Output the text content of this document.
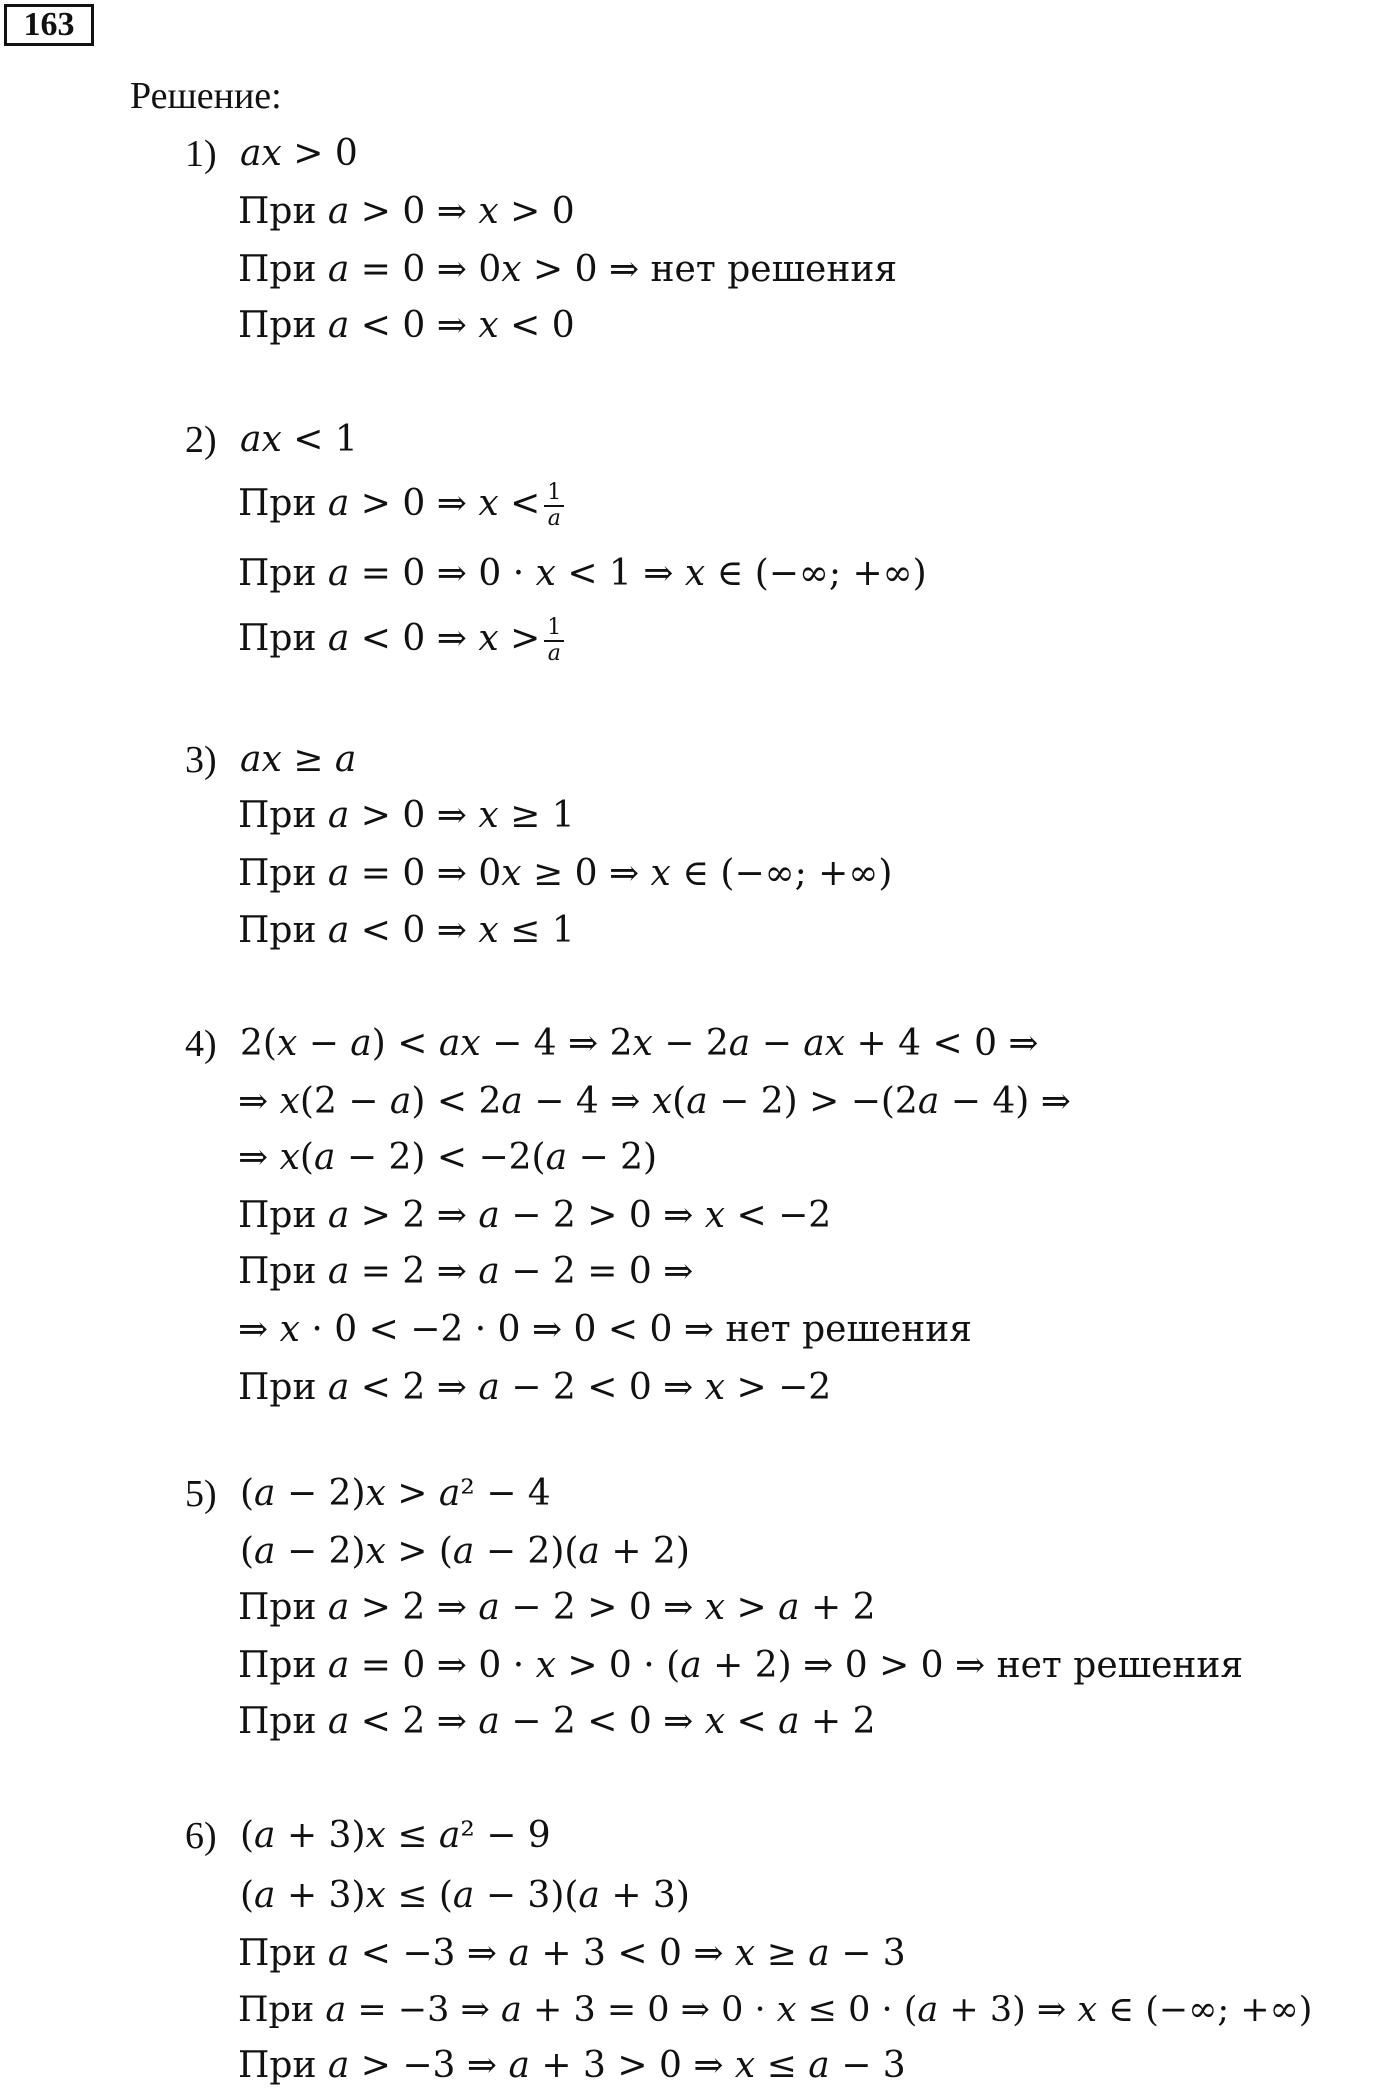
163
Решение:
1) 𝑎𝑥 > 0
При 𝑎 > 0 ⇒ 𝑥 > 0
При 𝑎 = 0 ⇒ 0𝑥 > 0 ⇒ нет решения
При 𝑎 < 0 ⇒ 𝑥 < 0
2) 𝑎𝑥 < 1
При 𝑎 > 0 ⇒ 𝑥 < $\frac{1}{\text{𝑎}}$
При 𝑎 = 0 ⇒ 0 · 𝑥 < 1 ⇒ 𝑥 ∈ (−∞; +∞)
При 𝑎 < 0 ⇒ 𝑥 > $\frac{1}{\text{𝑎}}$
3) 𝑎𝑥 ≥ 𝑎
При 𝑎 > 0 ⇒ 𝑥 ≥ 1
При 𝑎 = 0 ⇒ 0𝑥 ≥ 0 ⇒ 𝑥 ∈ (−∞; +∞)
При 𝑎 < 0 ⇒ 𝑥 ≤ 1
4) 2(𝑥 − 𝑎) < 𝑎𝑥 − 4 ⇒ 2𝑥 − 2𝑎 − 𝑎𝑥 + 4 < 0 ⇒
⇒ 𝑥(2 − 𝑎) < 2𝑎 − 4 ⇒ 𝑥(𝑎 − 2) > −(2𝑎 − 4) ⇒
⇒ 𝑥(𝑎 − 2) < −2(𝑎 − 2)
При 𝑎 > 2 ⇒ 𝑎 − 2 > 0 ⇒ 𝑥 < −2
При 𝑎 = 2 ⇒ 𝑎 − 2 = 0 ⇒
⇒ 𝑥 · 0 < −2 · 0 ⇒ 0 < 0 ⇒ нет решения
При 𝑎 < 2 ⇒ 𝑎 − 2 < 0 ⇒ 𝑥 > −2
5) (𝑎 − 2)𝑥 > 𝑎² − 4
(𝑎 − 2)𝑥 > (𝑎 − 2)(𝑎 + 2)
При 𝑎 > 2 ⇒ 𝑎 − 2 > 0 ⇒ 𝑥 > 𝑎 + 2
При 𝑎 = 0 ⇒ 0 · 𝑥 > 0 · (𝑎 + 2) ⇒ 0 > 0 ⇒ нет решения
При 𝑎 < 2 ⇒ 𝑎 − 2 < 0 ⇒ 𝑥 < 𝑎 + 2
6) (𝑎 + 3)𝑥 ≤ 𝑎² − 9
(𝑎 + 3)𝑥 ≤ (𝑎 − 3)(𝑎 + 3)
При 𝑎 < −3 ⇒ 𝑎 + 3 < 0 ⇒ 𝑥 ≥ 𝑎 − 3
При 𝑎 = −3 ⇒ 𝑎 + 3 = 0 ⇒ 0 · 𝑥 ≤ 0 · (𝑎 + 3) ⇒ 𝑥 ∈ (−∞; +∞)
При 𝑎 > −3 ⇒ 𝑎 + 3 > 0 ⇒ 𝑥 ≤ 𝑎 − 3
